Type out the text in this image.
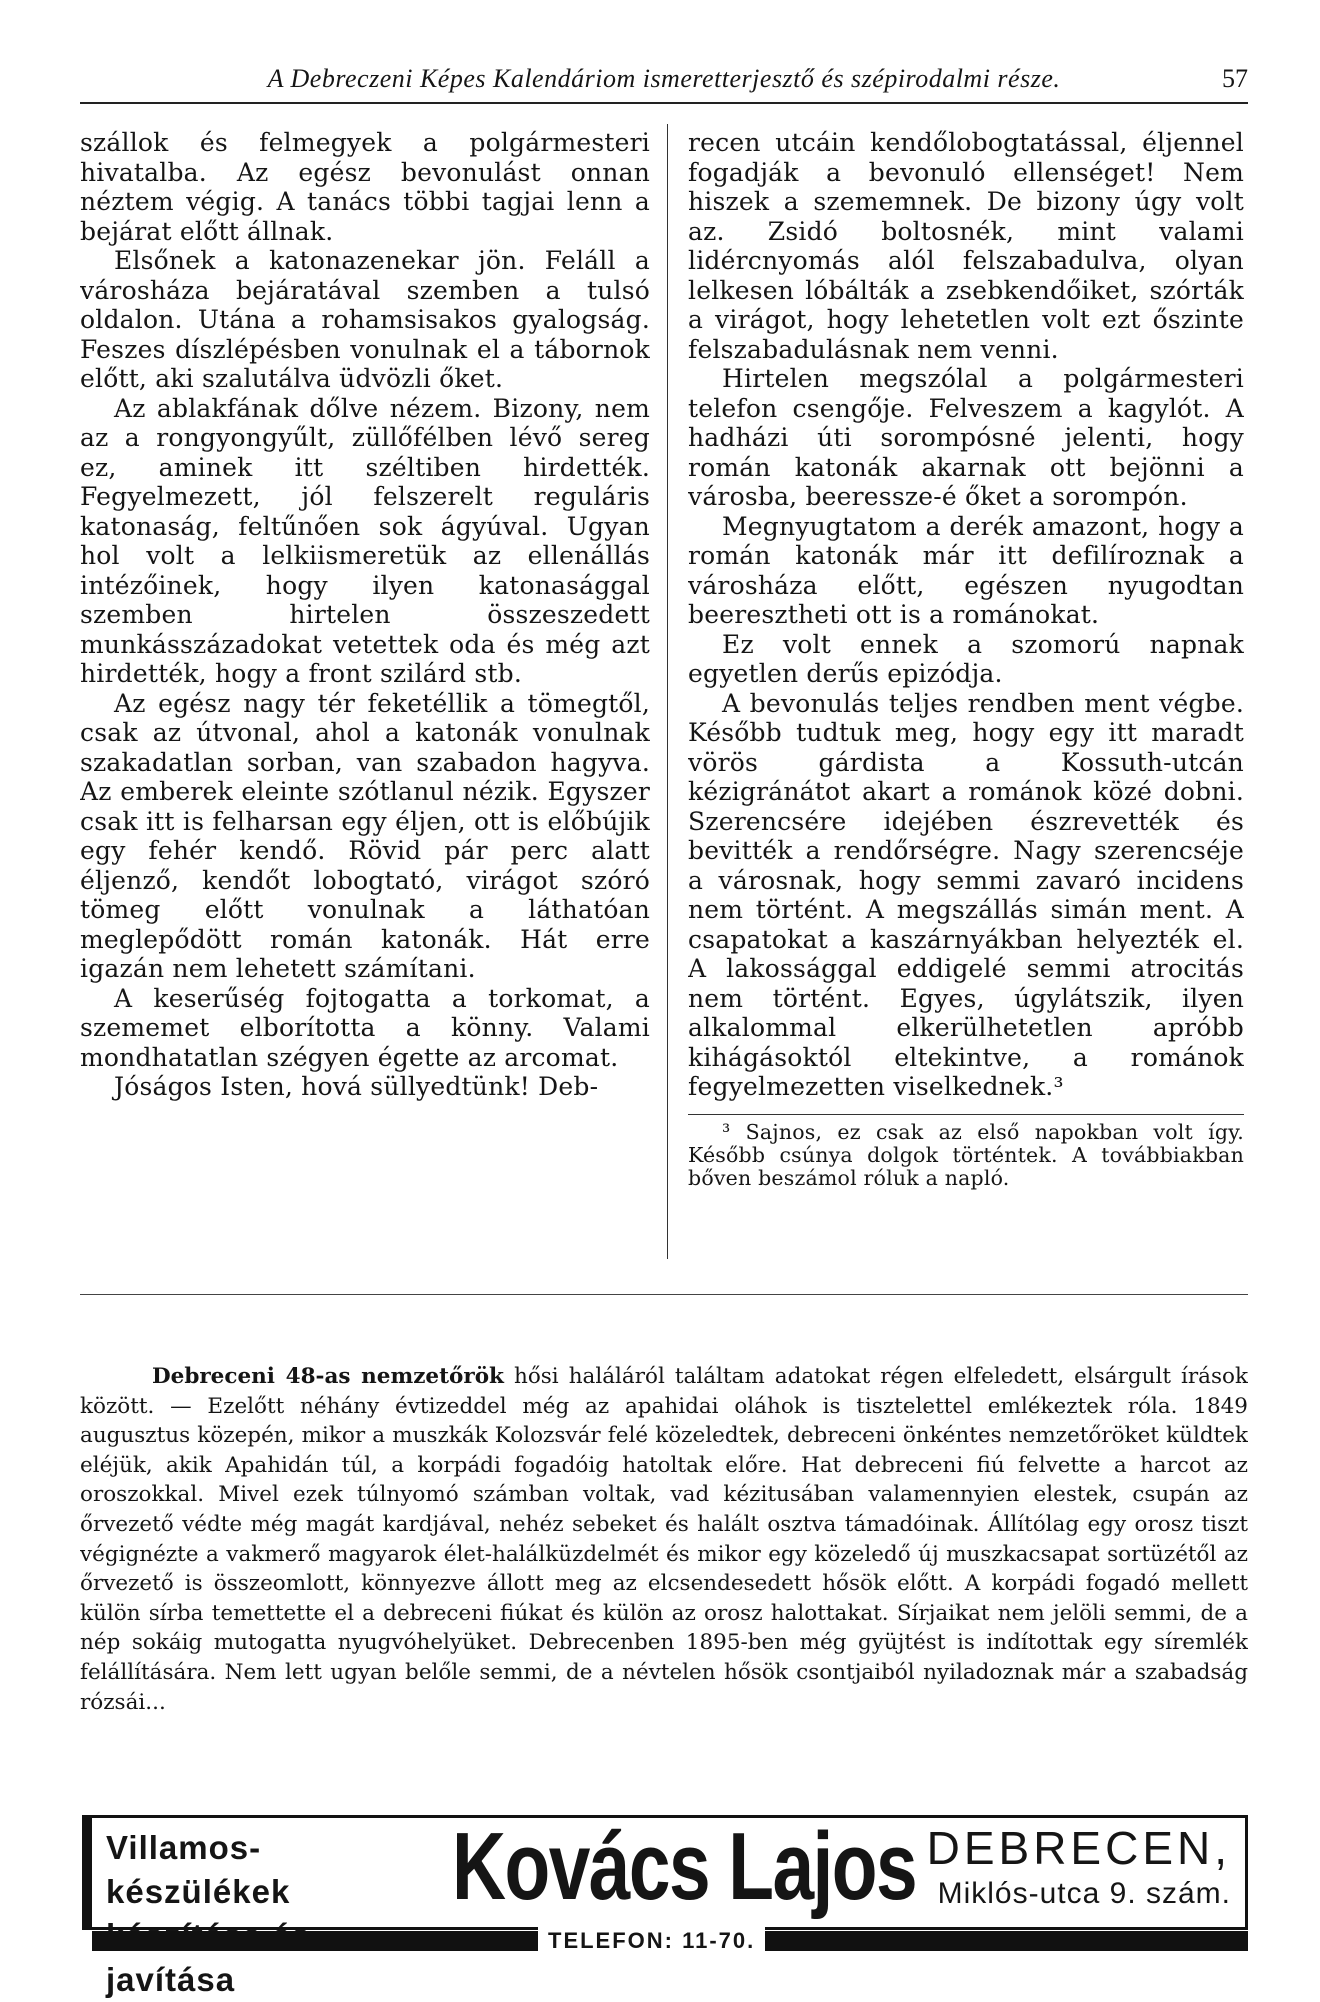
A Debreczeni Képes Kalendáriom ismeretterjesztő és szépirodalmi része.	57

szállok és felmegyek a polgármesteri hivatalba. Az egész bevonulást onnan néztem végig. A tanács többi tagjai lenn a bejárat előtt állnak.

Elsőnek a katonazenekar jön. Feláll a városháza bejáratával szemben a tulsó oldalon. Utána a rohamsisakos gyalogság. Feszes díszlépésben vonulnak el a tábornok előtt, aki szalutálva üdvözli őket.

Az ablakfának dőlve nézem. Bizony, nem az a rongyongyűlt, züllőfélben lévő sereg ez, aminek itt széltiben hirdették. Fegyelmezett, jól felszerelt reguláris katonaság, feltűnően sok ágyúval. Ugyan hol volt a lelkiismeretük az ellenállás intézőinek, hogy ilyen katonasággal szemben hirtelen összeszedett munkásszázadokat vetettek oda és még azt hirdették, hogy a front szilárd stb.

Az egész nagy tér feketéllik a tömegtől, csak az útvonal, ahol a katonák vonulnak szakadatlan sorban, van szabadon hagyva. Az emberek eleinte szótlanul nézik. Egyszer csak itt is felharsan egy éljen, ott is előbújik egy fehér kendő. Rövid pár perc alatt éljenző, kendőt lobogtató, virágot szóró tömeg előtt vonulnak a láthatóan meglepődött román katonák. Hát erre igazán nem lehetett számítani.

A keserűség fojtogatta a torkomat, a szememet elborította a könny. Valami mondhatatlan szégyen égette az arcomat.

Jóságos Isten, hová süllyedtünk! Deb-

recen utcáin kendőlobogtatással, éljennel fogadják a bevonuló ellenséget! Nem hiszek a szememnek. De bizony úgy volt az. Zsidó boltosnék, mint valami lidércnyomás alól felszabadulva, olyan lelkesen lóbálták a zsebkendőiket, szórták a virágot, hogy lehetetlen volt ezt őszinte felszabadulásnak nem venni.

Hirtelen megszólal a polgármesteri telefon csengője. Felveszem a kagylót. A hadházi úti sorompósné jelenti, hogy román katonák akarnak ott bejönni a városba, beeressze-é őket a sorompón.

Megnyugtatom a derék amazont, hogy a román katonák már itt defilíroznak a városháza előtt, egészen nyugodtan beeresztheti ott is a románokat.

Ez volt ennek a szomorú napnak egyetlen derűs epizódja.

A bevonulás teljes rendben ment végbe. Később tudtuk meg, hogy egy itt maradt vörös gárdista a Kossuth-utcán kézigránátot akart a románok közé dobni. Szerencsére idejében észrevették és bevitték a rendőrségre. Nagy szerencséje a városnak, hogy semmi zavaró incidens nem történt. A megszállás simán ment. A csapatokat a kaszárnyákban helyezték el. A lakossággal eddigelé semmi atrocitás nem történt. Egyes, úgylátszik, ilyen alkalommal elkerülhetetlen apróbb kihágásoktól eltekintve, a románok fegyelmezetten viselkednek.³

³ Sajnos, ez csak az első napokban volt így. Később csúnya dolgok történtek. A továbbiakban bőven beszámol róluk a napló.

Debreceni 48-as nemzetőrök hősi haláláról találtam adatokat régen elfeledett, elsárgult írások között. — Ezelőtt néhány évtizeddel még az apahidai oláhok is tisztelettel emlékeztek róla. 1849 augusztus közepén, mikor a muszkák Kolozsvár felé közeledtek, debreceni önkéntes nemzetőröket küldtek eléjük, akik Apahidán túl, a korpádi fogadóig hatoltak előre. Hat debreceni fiú felvette a harcot az oroszokkal. Mivel ezek túlnyomó számban voltak, vad kézitusában valamennyien elestek, csupán az őrvezető védte még magát kardjával, nehéz sebeket és halált osztva támadóinak. Állítólag egy orosz tiszt végignézte a vakmerő magyarok élet-halálküzdelmét és mikor egy közeledő új muszkacsapat sortüzétől az őrvezető is összeomlott, könnyezve állott meg az elcsendesedett hősök előtt. A korpádi fogadó mellett külön sírba temettette el a debreceni fiúkat és külön az orosz halottakat. Sírjaikat nem jelöli semmi, de a nép sokáig mutogatta nyugvóhelyüket. Debrecenben 1895-ben még gyüjtést is indítottak egy síremlék felállítására. Nem lett ugyan belőle semmi, de a névtelen hősök csontjaiból nyiladoznak már a szabadság rózsái...

Villamos-készülékek
javítása
Kovács Lajos DEBRECEN,
Miklós-utca 9. szám.
TELEFON: 11-70.
